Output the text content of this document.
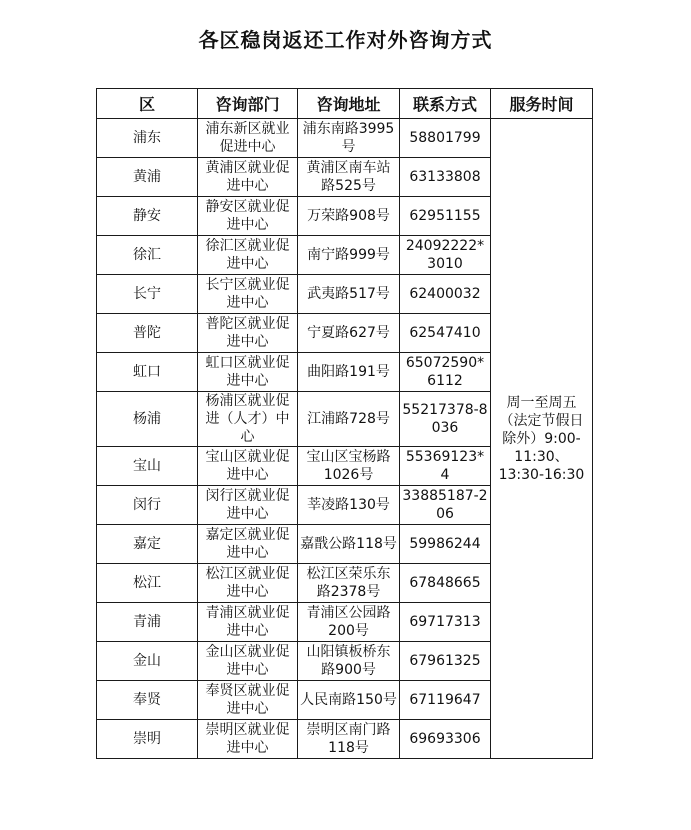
各区稳岗返还工作对外咨询方式
区	咨询部门	咨询地址	联系方式	服务时间
浦东	浦东新区就业促进中心	浦东南路3995号	58801799	周一至周五（法定节假日除外）9:00-11:30、13:30-16:30
黄浦	黄浦区就业促进中心	黄浦区南车站路525号	63133808	
静安	静安区就业促进中心	万荣路908号	62951155	
徐汇	徐汇区就业促进中心	南宁路999号	24092222*3010	
长宁	长宁区就业促进中心	武夷路517号	62400032	
普陀	普陀区就业促进中心	宁夏路627号	62547410	
虹口	虹口区就业促进中心	曲阳路191号	65072590*6112	
杨浦	杨浦区就业促进（人才）中心	江浦路728号	55217378-8036	
宝山	宝山区就业促进中心	宝山区宝杨路1026号	55369123*4	
闵行	闵行区就业促进中心	莘凌路130号	33885187-206	
嘉定	嘉定区就业促进中心	嘉戬公路118号	59986244	
松江	松江区就业促进中心	松江区荣乐东路2378号	67848665	
青浦	青浦区就业促进中心	青浦区公园路200号	69717313	
金山	金山区就业促进中心	山阳镇板桥东路900号	67961325	
奉贤	奉贤区就业促进中心	人民南路150号	67119647	
崇明	崇明区就业促进中心	崇明区南门路118号	69693306	
